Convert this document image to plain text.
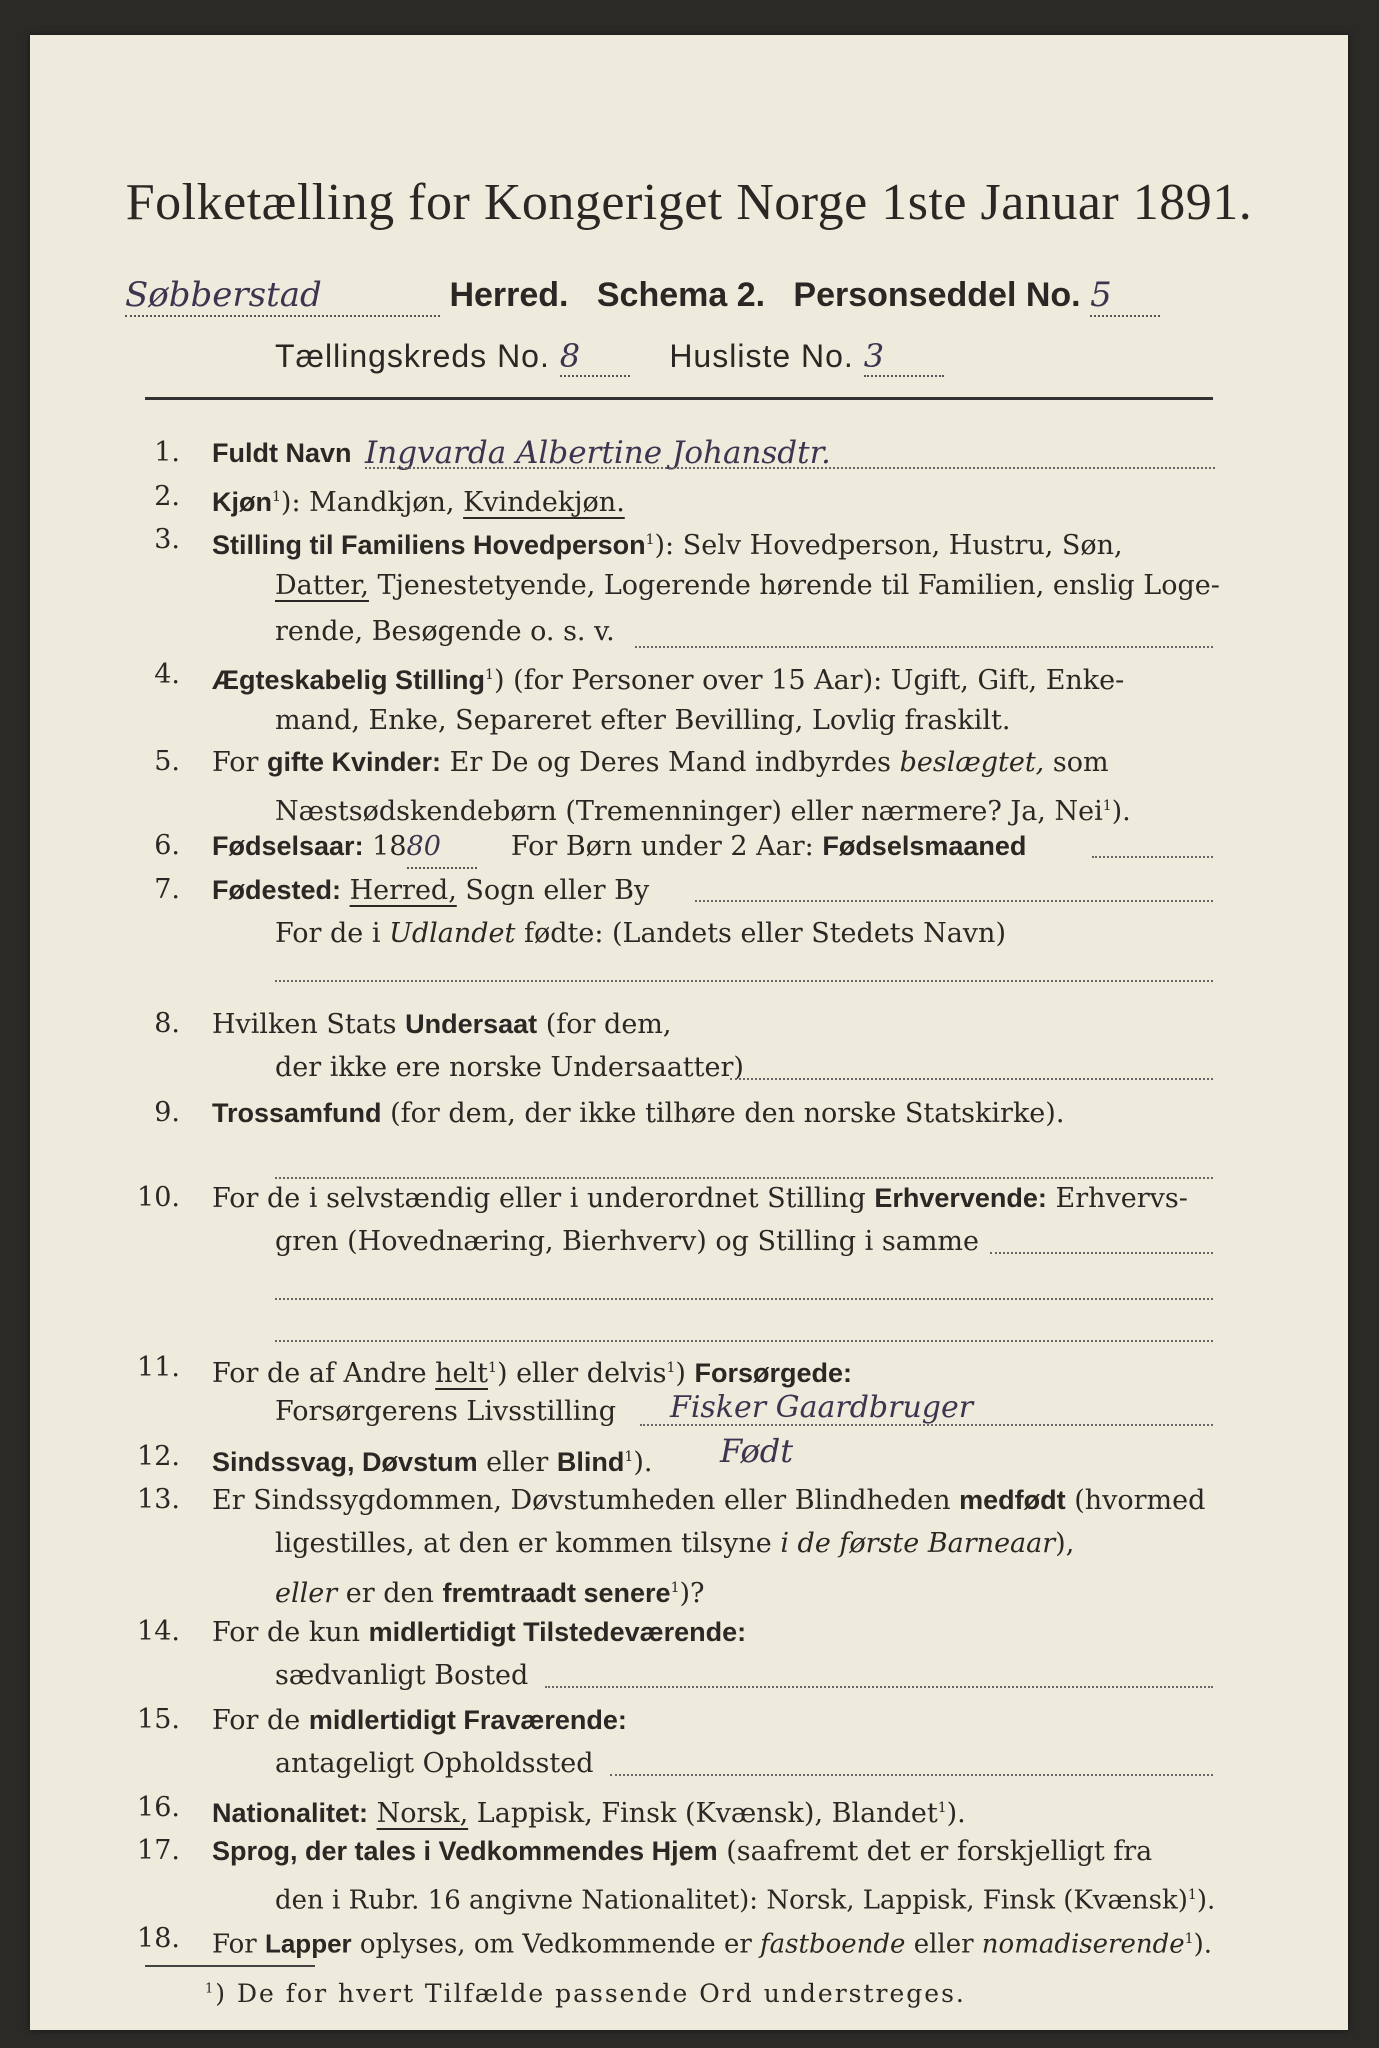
Folketælling for Kongeriget Norge 1ste Januar 1891.
Søbberstad	Herred. Schema 2. Personseddel No. 5
Tællingskreds No. 8	Husliste No. 3
1. Fuldt Navn Ingvarda Albertine Johansdtr.
2. Kjøn$^1$): Mandkjøn, Kvindekjøn.
3. Stilling til Familiens Hovedperson$^1$): Selv Hovedperson, Hustru, Søn,
Datter, Tjenestetyende, Logerende hørende til Familien, enslig Loge-
rende, Besøgende o. s. v.
4. Ægteskabelig Stilling$^1$) (for Personer over 15 Aar): Ugift, Gift, Enke-
mand, Enke, Separeret efter Bevilling, Lovlig fraskilt.
5. For gifte Kvinder: Er De og Deres Mand indbyrdes beslægtet, som
Næstsødskendebørn (Tremenninger) eller nærmere? Ja, Nei$^1$).
6. Fødselsaar: 1880	For Børn under 2 Aar: Fødselsmaaned
7. Fødested: Herred, Sogn eller By
For de i Udlandet fødte: (Landets eller Stedets Navn)
8. Hvilken Stats Undersaat (for dem,
der ikke ere norske Undersaatter)
9. Trossamfund (for dem, der ikke tilhøre den norske Statskirke).
10. For de i selvstændig eller i underordnet Stilling Erhvervende: Erhvervs-
gren (Hovednæring, Bierhverv) og Stilling i samme
11. For de af Andre helt$^1$) eller delvis$^1$) Forsørgede:
Forsørgerens Livsstilling Fisker Gaardbruger
12. Sindssvag, Døvstum eller Blind$^1$). Født
13. Er Sindssygdommen, Døvstumheden eller Blindheden medfødt (hvormed
ligestilles, at den er kommen tilsyne i de første Barneaar),
eller er den fremtraadt senere$^1$)?
14. For de kun midlertidigt Tilstedeværende:
sædvanligt Bosted
15. For de midlertidigt Fraværende:
antageligt Opholdssted
16. Nationalitet: Norsk, Lappisk, Finsk (Kvænsk), Blandet$^1$).
17. Sprog, der tales i Vedkommendes Hjem (saafremt det er forskjelligt fra
den i Rubr. 16 angivne Nationalitet): Norsk, Lappisk, Finsk (Kvænsk)$^1$).
18. For Lapper oplyses, om Vedkommende er fastboende eller nomadiserende$^1$).
$^1$) De for hvert Tilfælde passende Ord understreges.
